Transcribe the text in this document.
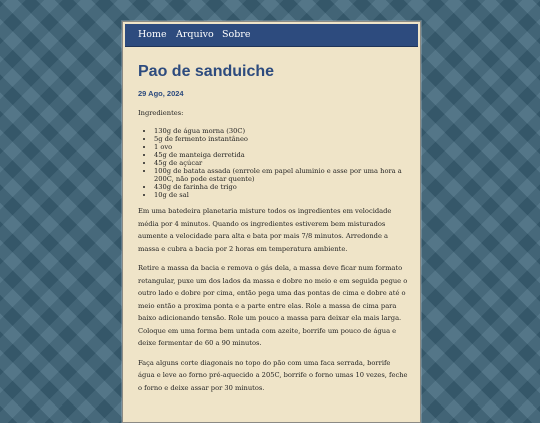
Home Arquivo Sobre
Pao de sanduiche
29 Ago, 2024
Ingredientes:
• 130g de água morna (30C)
• 5g de fermento instantâneo
• 1 ovo
• 45g de manteiga derretida
• 45g de açúcar
• 100g de batata assada (enrrole em papel aluminio e asse por uma hora a 200C, não pode estar quente)
• 430g de farinha de trigo
• 10g de sal

Em uma batedeira planetaria misture todos os ingredientes em velocidade média por 4 minutos. Quando os ingredientes estiverem bem misturados aumente a velocidade para alta e bata por mais 7/8 minutos. Arredonde a massa e cubra a bacia por 2 horas em temperatura ambiente.

Retire a massa da bacia e remova o gás dela, a massa deve ficar num formato retangular, puxe um dos lados da massa e dobre no meio e em seguida pegue o outro lado e dobre por cima, então pega uma das pontas de cima e dobre até o meio então a proxima ponta e a parte entre elas. Role a massa de cima para baixo adicionando tensão. Role um pouco a massa para deixar ela mais larga. Coloque em uma forma bem untada com azeite, borrife um pouco de água e deixe fermentar de 60 a 90 minutos.

Faça alguns corte diagonais no topo do pão com uma faca serrada, borrife água e leve ao forno pré-aquecido a 205C, borrife o forno umas 10 vezes, feche o forno e deixe assar por 30 minutos.
